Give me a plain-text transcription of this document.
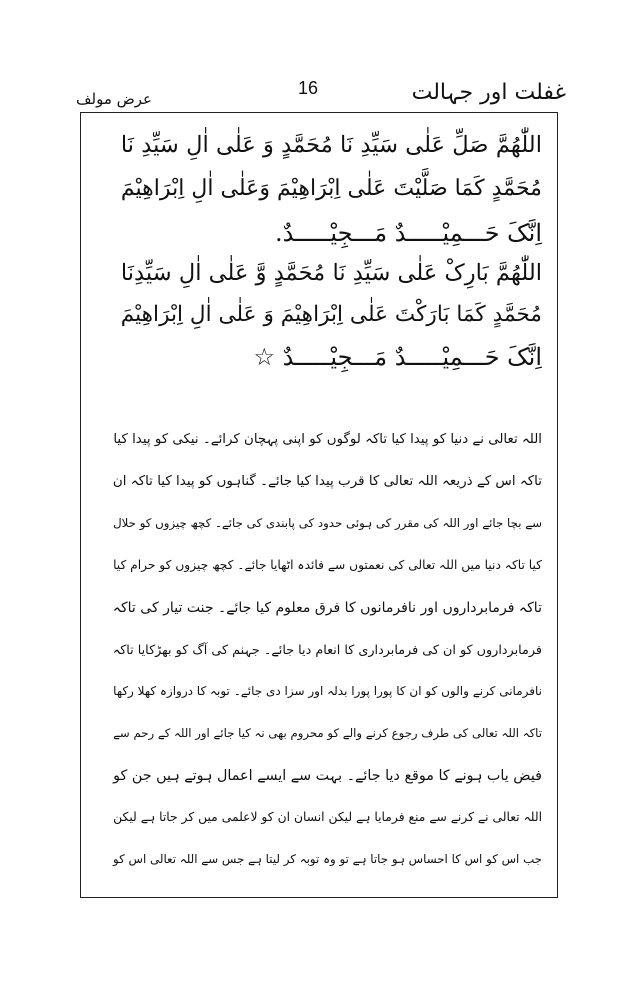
غفلت اور جہالت
16
عرض مولف
اللّٰھُمَّ صَلِّ عَلٰی سَیِّدِ نَا مُحَمَّدٍ وَ عَلٰی اٰلِ سَیِّدِ نَا
مُحَمَّدٍ کَمَا صَلَّیْتَ عَلٰی اِبْرَاھِیْمَ وَعَلٰی اٰلِ اِبْرَاھِیْمَ
اِنَّکَ حَـــمِیْـــــدٌ مَـــجِیْـــــدٌ.
اللّٰھُمَّ بَارِکْ عَلٰی سَیِّدِ نَا مُحَمَّدٍ وَّ عَلٰی اٰلِ سَیِّدِنَا
مُحَمَّدٍ کَمَا بَارَکْتَ عَلٰی اِبْرَاھِیْمَ وَ عَلٰی اٰلِ اِبْرَاھِیْمَ
اِنَّکَ حَـــمِیْـــــدٌ مَـــجِیْـــــدٌ ☆
اللہ تعالی نے دنیا کو پیدا کیا تاکہ لوگوں کو اپنی پہچان کرائے۔ نیکی کو پیدا کیا
تاکہ اس کے ذریعہ اللہ تعالی کا قرب پیدا کیا جائے۔ گناہوں کو پیدا کیا تاکہ ان
سے بچا جائے اور اللہ کی مقرر کی ہوئی حدود کی پابندی کی جائے۔ کچھ چیزوں کو حلال
کیا تاکہ دنیا میں اللہ تعالی کی نعمتوں سے فائدہ اٹھایا جائے۔ کچھ چیزوں کو حرام کیا
تاکہ فرمابرداروں اور نافرمانوں کا فرق معلوم کیا جائے۔ جنت تیار کی تاکہ
فرمابرداروں کو ان کی فرمابرداری کا انعام دیا جائے۔ جہنم کی آگ کو بھڑکایا تاکہ
نافرمانی کرنے والوں کو ان کا پورا پورا بدلہ اور سزا دی جائے۔ توبہ کا دروازہ کھلا رکھا
تاکہ اللہ تعالی کی طرف رجوع کرنے والے کو محروم بھی نہ کیا جائے اور اللہ کے رحم سے
فیض یاب ہونے کا موقع دیا جائے۔ بہت سے ایسے اعمال ہوتے ہیں جن کو
اللہ تعالی نے کرنے سے منع فرمایا ہے لیکن انسان ان کو لاعلمی میں کر جاتا ہے لیکن
جب اس کو اس کا احساس ہو جاتا ہے تو وہ توبہ کر لیتا ہے جس سے اللہ تعالی اس کو
